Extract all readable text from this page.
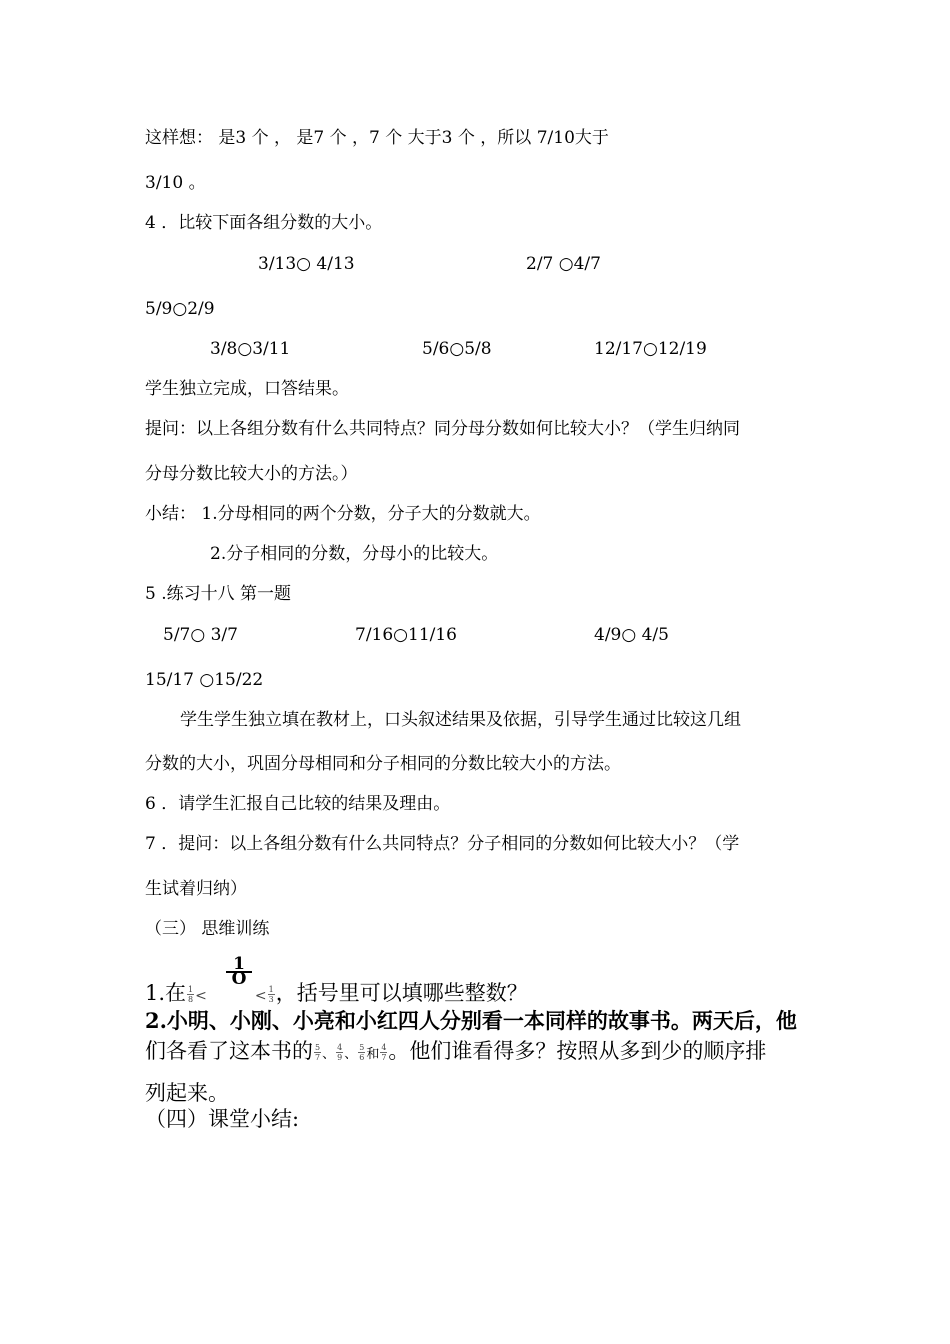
这样想： 是3 个 ， 是7 个 ，7 个 大于3 个 ，所以 7/10大于
3/10 。
4 ．比较下面各组分数的大小。
3/13○ 4/13	2/7 ○4/7
5/9○2/9
3/8○3/11	5/6○5/8	12/17○12/19
学生独立完成，口答结果。
提问：以上各组分数有什么共同特点？同分母分数如何比较大小？（学生归纳同
分母分数比较大小的方法。）
小结： 1.分母相同的两个分数，分子大的分数就大。
2.分子相同的分数，分母小的比较大。
5 .练习十八 第一题
5/7○ 3/7	7/16○11/16	4/9○ 4/5
15/17 ○15/22
学生学生独立填在教材上，口头叙述结果及依据，引导学生通过比较这几组
分数的大小，巩固分母相同和分子相同的分数比较大小的方法。
6 ．请学生汇报自己比较的结果及理由。
7 ．提问：以上各组分数有什么共同特点？分子相同的分数如何比较大小？（学
生试着归纳）
（三） 思维训练
1
O
1.在 $\frac{1}{8}$ <	< $\frac{1}{3}$ ，括号里可以填哪些整数？
2.小明、小刚、小亮和小红四人分别看一本同样的故事书。两天后，他
们各看了这本书的 $\frac{5}{7}$ 、 $\frac{4}{9}$ 、 $\frac{5}{6}$ 和 $\frac{4}{7}$ 。他们谁看得多？按照从多到少的顺序排
列起来。
（四）课堂小结:
